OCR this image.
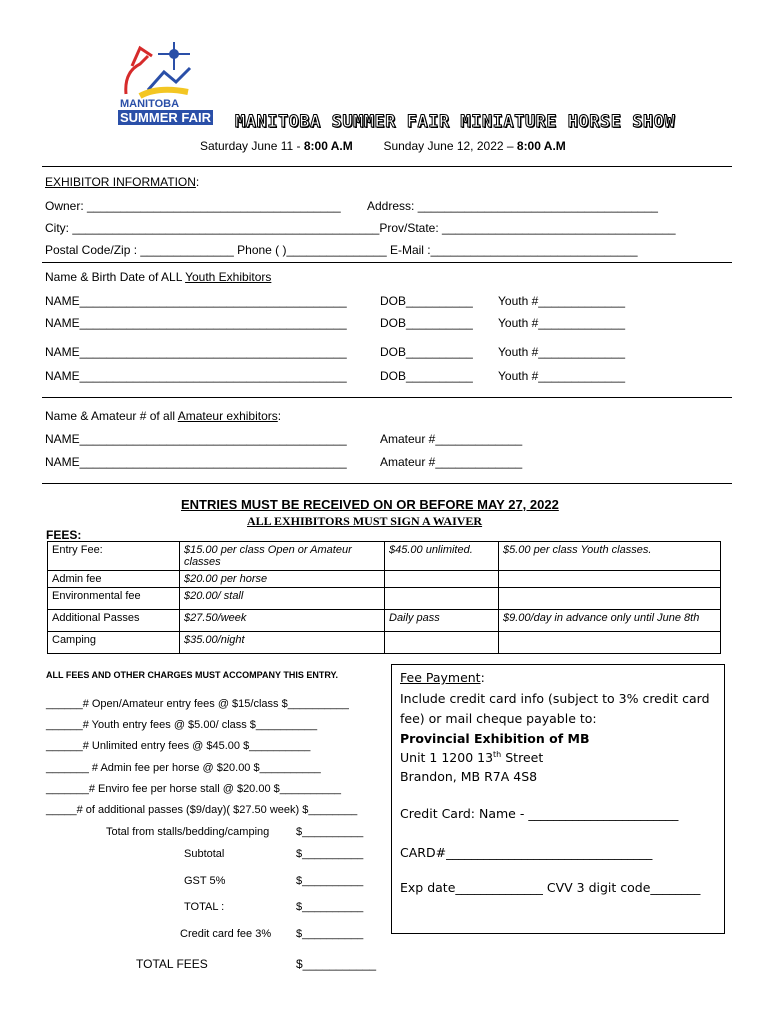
MANITOBA
SUMMER FAIR MANITOBA SUMMER FAIR MINIATURE HORSE SHOW
Saturday June 11 - 8:00 A.M	Sunday June 12, 2022 – 8:00 A.M
EXHIBITOR INFORMATION:
Owner: ______________________________________ Address: ____________________________________
City: ______________________________________________Prov/State: ___________________________________
Postal Code/Zip : ______________ Phone ( )_______________ E-Mail :_______________________________
Name & Birth Date of ALL Youth Exhibitors
NAME________________________________________	DOB__________ Youth #_____________
NAME________________________________________	DOB__________ Youth #_____________
NAME________________________________________	DOB__________ Youth #_____________
NAME________________________________________	DOB__________ Youth #_____________
Name & Amateur # of all Amateur exhibitors:
NAME________________________________________	Amateur #_____________
NAME________________________________________	Amateur #_____________
ENTRIES MUST BE RECEIVED ON OR BEFORE MAY 27, 2022
ALL EXHIBITORS MUST SIGN A WAIVER
FEES:
Entry Fee:	$15.00 per class Open or Amateur classes	$45.00 unlimited.	$5.00 per class Youth classes.
Admin fee	$20.00 per horse		
Environmental fee	$20.00/ stall		
Additional Passes	$27.50/week	Daily pass	$9.00/day in advance only until June 8th
Camping	$35.00/night		
ALL FEES AND OTHER CHARGES MUST ACCOMPANY THIS ENTRY.
______# Open/Amateur entry fees @ $15/class $__________
______# Youth entry fees @ $5.00/ class $__________
______# Unlimited entry fees @ $45.00 $__________
_______ # Admin fee per horse @ $20.00 $__________
_______# Enviro fee per horse stall @ $20.00 $__________
_____# of additional passes ($9/day)( $27.50 week) $________
Total from stalls/bedding/camping $__________
Subtotal	$__________
GST 5%	$__________
TOTAL :	$__________
Credit card fee 3% $__________
TOTAL FEES	$___________
Fee Payment:
Include credit card info (subject to 3% credit card
fee) or mail cheque payable to:
Provincial Exhibition of MB
Unit 1 1200 13th Street
Brandon, MB R7A 4S8
Credit Card: Name - ________________________
CARD#_________________________________
Exp date______________ CVV 3 digit code________
